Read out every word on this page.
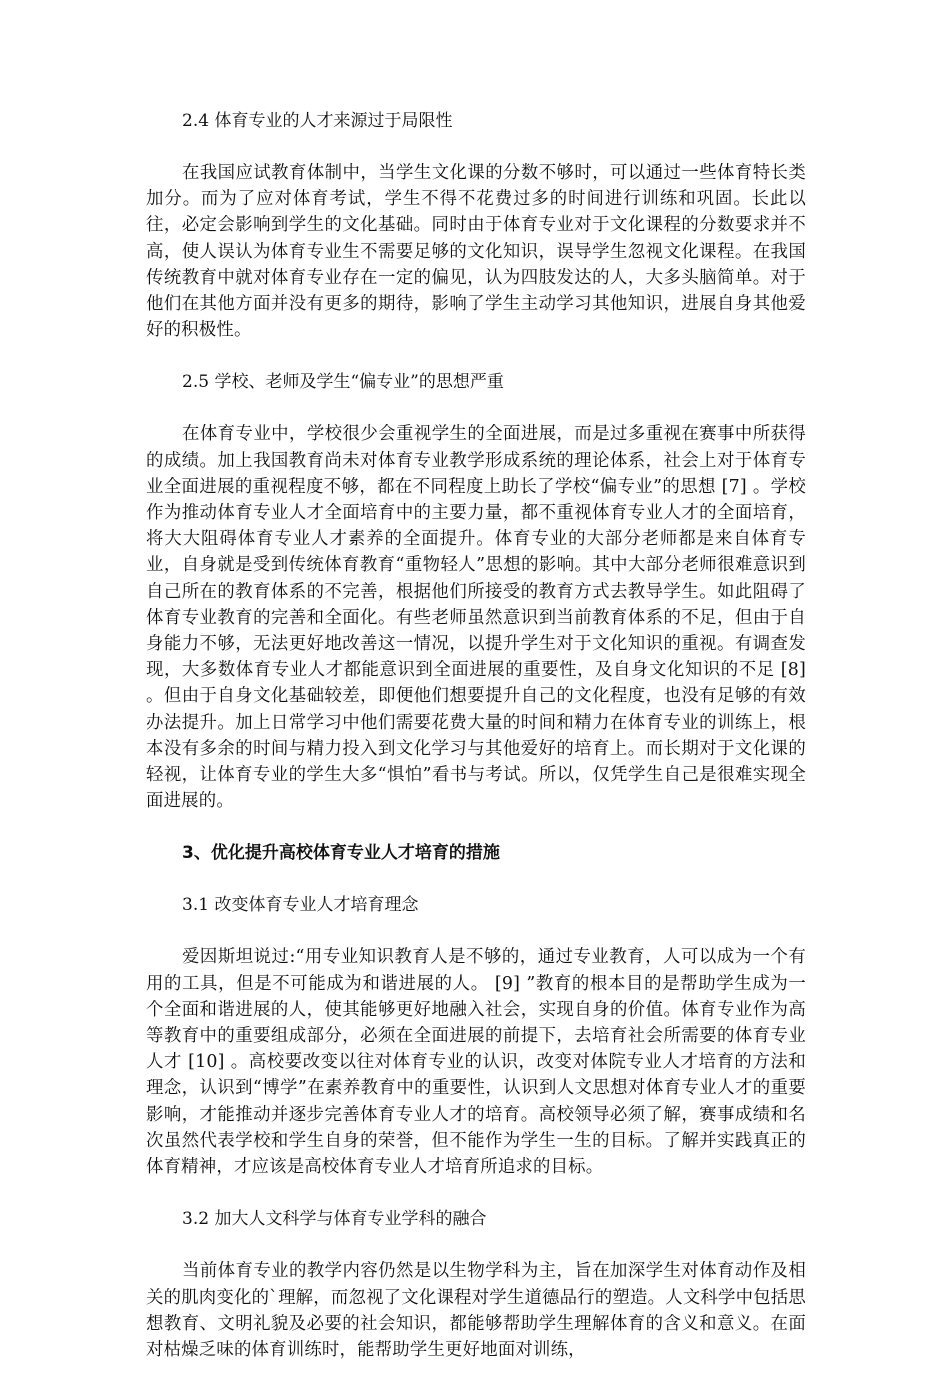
2.4 体育专业的人才来源过于局限性

在我国应试教育体制中，当学生文化课的分数不够时，可以通过一些体育特长类加分。而为了应对体育考试，学生不得不花费过多的时间进行训练和巩固。长此以往，必定会影响到学生的文化基础。同时由于体育专业对于文化课程的分数要求并不高，使人误认为体育专业生不需要足够的文化知识，误导学生忽视文化课程。在我国传统教育中就对体育专业存在一定的偏见，认为四肢发达的人，大多头脑简单。对于他们在其他方面并没有更多的期待，影响了学生主动学习其他知识，进展自身其他爱好的积极性。

2.5 学校、老师及学生“偏专业”的思想严重

在体育专业中，学校很少会重视学生的全面进展，而是过多重视在赛事中所获得的成绩。加上我国教育尚未对体育专业教学形成系统的理论体系，社会上对于体育专业全面进展的重视程度不够，都在不同程度上助长了学校“偏专业”的思想 [7] 。学校作为推动体育专业人才全面培育中的主要力量，都不重视体育专业人才的全面培育，将大大阻碍体育专业人才素养的全面提升。体育专业的大部分老师都是来自体育专业，自身就是受到传统体育教育“重物轻人”思想的影响。其中大部分老师很难意识到自己所在的教育体系的不完善，根据他们所接受的教育方式去教导学生。如此阻碍了体育专业教育的完善和全面化。有些老师虽然意识到当前教育体系的不足，但由于自身能力不够，无法更好地改善这一情况，以提升学生对于文化知识的重视。有调查发现，大多数体育专业人才都能意识到全面进展的重要性，及自身文化知识的不足 [8] 。但由于自身文化基础较差，即便他们想要提升自己的文化程度，也没有足够的有效办法提升。加上日常学习中他们需要花费大量的时间和精力在体育专业的训练上，根本没有多余的时间与精力投入到文化学习与其他爱好的培育上。而长期对于文化课的轻视，让体育专业的学生大多“惧怕”看书与考试。所以，仅凭学生自己是很难实现全面进展的。

3、优化提升高校体育专业人才培育的措施
3.1 改变体育专业人才培育理念

爱因斯坦说过:“用专业知识教育人是不够的，通过专业教育，人可以成为一个有用的工具，但是不可能成为和谐进展的人。 [9] ”教育的根本目的是帮助学生成为一个全面和谐进展的人，使其能够更好地融入社会，实现自身的价值。体育专业作为高等教育中的重要组成部分，必须在全面进展的前提下，去培育社会所需要的体育专业人才 [10] 。高校要改变以往对体育专业的认识，改变对体院专业人才培育的方法和理念，认识到“博学”在素养教育中的重要性，认识到人文思想对体育专业人才的重要影响，才能推动并逐步完善体育专业人才的培育。高校领导必须了解，赛事成绩和名次虽然代表学校和学生自身的荣誉，但不能作为学生一生的目标。了解并实践真正的体育精神，才应该是高校体育专业人才培育所追求的目标。

3.2 加大人文科学与体育专业学科的融合

当前体育专业的教学内容仍然是以生物学科为主，旨在加深学生对体育动作及相关的肌肉变化的`理解，而忽视了文化课程对学生道德品行的塑造。人文科学中包括思想教育、文明礼貌及必要的社会知识，都能够帮助学生理解体育的含义和意义。在面对枯燥乏味的体育训练时，能帮助学生更好地面对训练，
